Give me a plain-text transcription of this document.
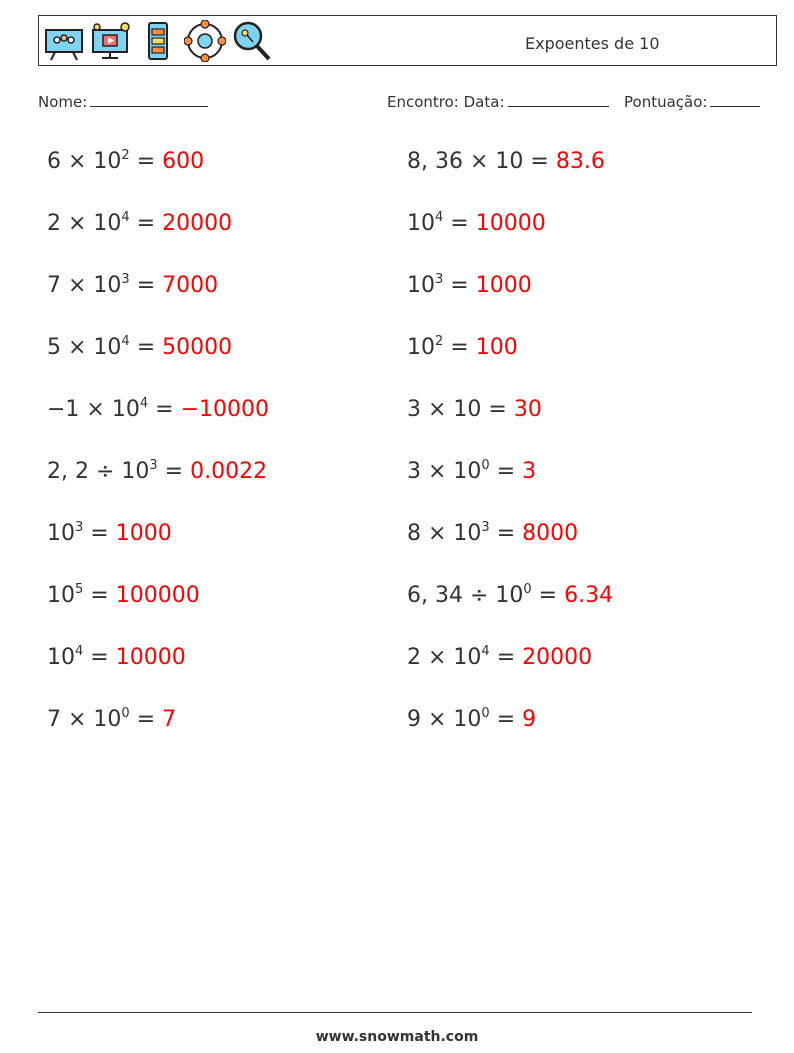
Expoentes de 10
Nome:	Encontro: Data:	Pontuação:
$6 \times 10^2 = 600$	8, 36 × 10 = 83.6
$2 \times 10^4 = 20000$	$10^4 = 10000$
$7 \times 10^3 = 7000$	$10^3 = 1000$
$5 \times 10^4 = 50000$	$10^2 = 100$
$-1 \times 10^4 = -10000$	3 × 10 = 30
2, $2 \div 10^3 = 0.0022$	$3 \times 10^0 = 3$
$10^3 = 1000$	$8 \times 10^3 = 8000$
$10^5 = 100000$	6, $34 \div 10^0 = 6.34$
$10^4 = 10000$	$2 \times 10^4 = 20000$
$7 \times 10^0 = 7$	$9 \times 10^0 = 9$
www.snowmath.com
